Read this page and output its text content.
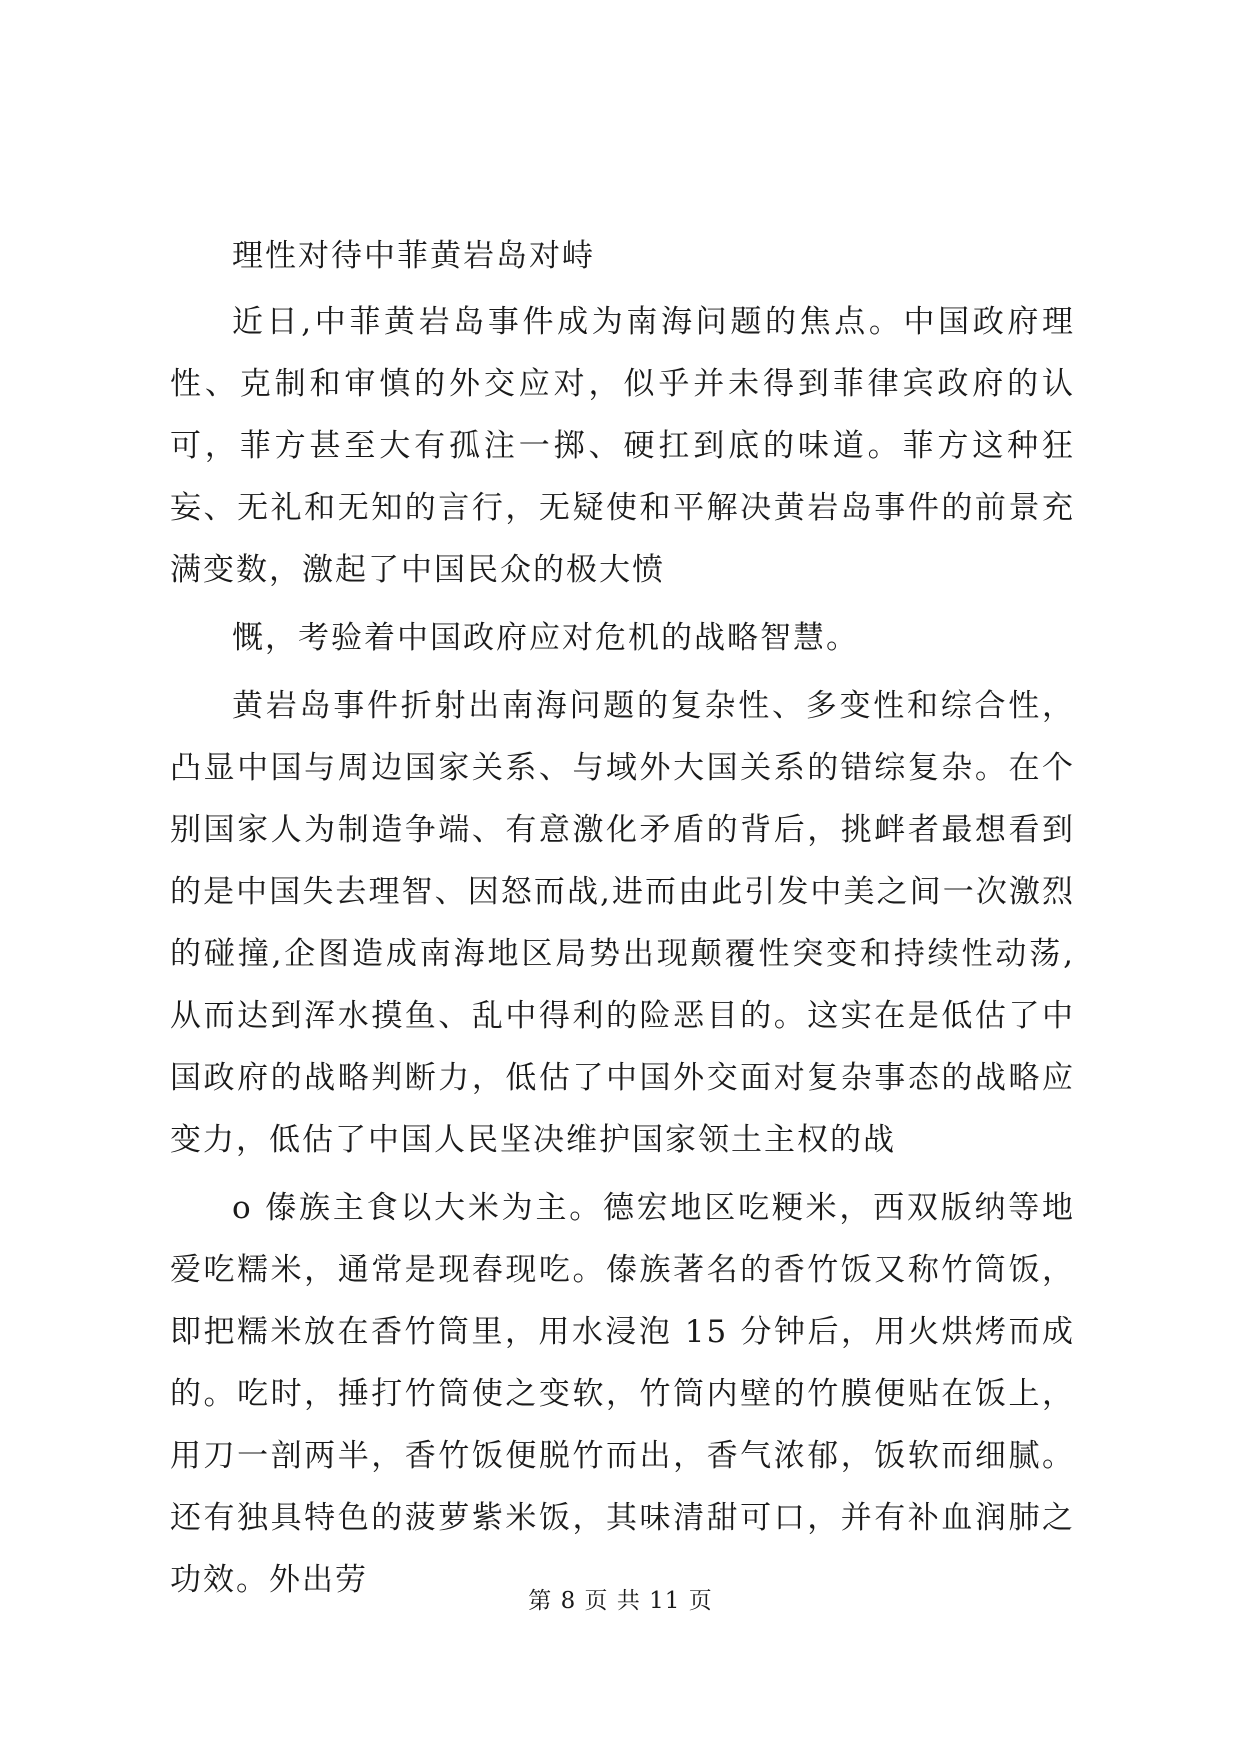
理性对待中菲黄岩岛对峙

近日,中菲黄岩岛事件成为南海问题的焦点。中国政府理性、克制和审慎的外交应对，似乎并未得到菲律宾政府的认可，菲方甚至大有孤注一掷、硬扛到底的味道。菲方这种狂妄、无礼和无知的言行，无疑使和平解决黄岩岛事件的前景充满变数，激起了中国民众的极大愤

慨，考验着中国政府应对危机的战略智慧。

黄岩岛事件折射出南海问题的复杂性、多变性和综合性，凸显中国与周边国家关系、与域外大国关系的错综复杂。在个别国家人为制造争端、有意激化矛盾的背后，挑衅者最想看到的是中国失去理智、因怒而战,进而由此引发中美之间一次激烈的碰撞,企图造成南海地区局势出现颠覆性突变和持续性动荡,从而达到浑水摸鱼、乱中得利的险恶目的。这实在是低估了中国政府的战略判断力，低估了中国外交面对复杂事态的战略应变力，低估了中国人民坚决维护国家领土主权的战

o 傣族主食以大米为主。德宏地区吃粳米，西双版纳等地爱吃糯米，通常是现舂现吃。傣族著名的香竹饭又称竹筒饭，即把糯米放在香竹筒里，用水浸泡 15 分钟后，用火烘烤而成的。吃时，捶打竹筒使之变软，竹筒内壁的竹膜便贴在饭上，用刀一剖两半，香竹饭便脱竹而出，香气浓郁，饭软而细腻。还有独具特色的菠萝紫米饭，其味清甜可口，并有补血润肺之功效。外出劳

第 8 页 共 11 页
